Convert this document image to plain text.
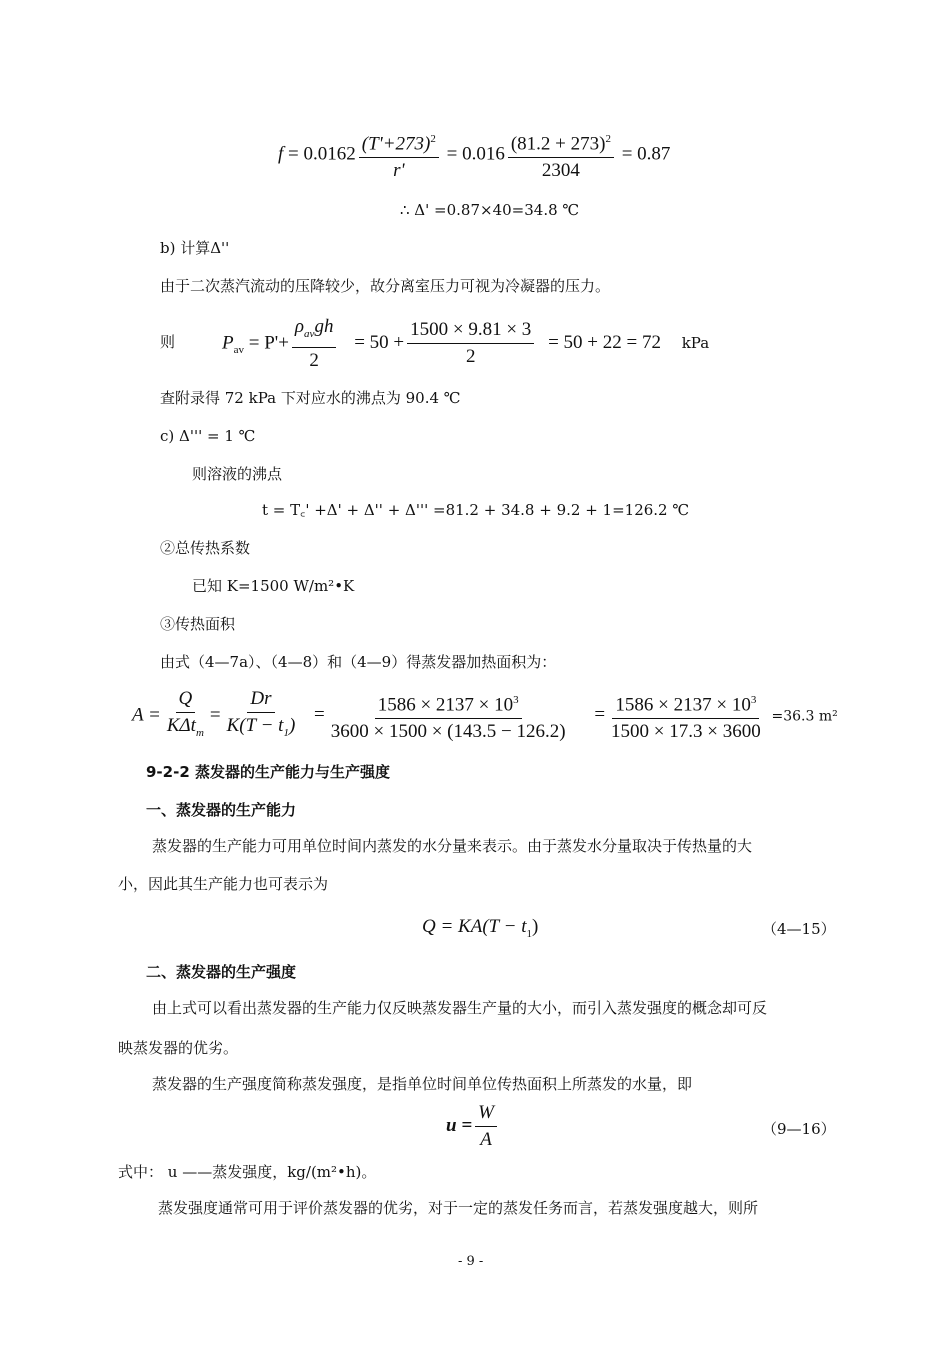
$f = 0.0162 \frac{(T'+273)^2}{r'} = 0.016 \frac{(81.2 + 273)^2}{2304} = 0.87$
∴ Δ' =0.87×40=34.8 ℃
b) 计算Δ''
由于二次蒸汽流动的压降较少，故分离室压力可视为冷凝器的压力。
则 $P_{av} = P'+ \frac{\rho_{av}gh}{2} = 50 + \frac{1500 \times 9.81 \times 3}{2} = 50 + 22 = 72$ kPa
查附录得 72 kPa 下对应水的沸点为 90.4 ℃
c) Δ''' = 1 ℃
则溶液的沸点
t = T꜀' +Δ' + Δ'' + Δ''' =81.2 + 34.8 + 9.2 + 1=126.2 ℃
②总传热系数
已知 K=1500 W/m²•K
③传热面积
由式（4—7a）、（4—8）和（4—9）得蒸发器加热面积为：
$A = \frac{Q}{K\Delta t_m} = \frac{Dr}{K(T - t_1)} = \frac{1586 \times 2137 \times 10^3}{3600 \times 1500 \times (143.5 - 126.2)} = \frac{1586 \times 2137 \times 10^3}{1500 \times 17.3 \times 3600} =36.3$ m²
9-2-2 蒸发器的生产能力与生产强度
一、蒸发器的生产能力
蒸发器的生产能力可用单位时间内蒸发的水分量来表示。由于蒸发水分量取决于传热量的大
小，因此其生产能力也可表示为
$Q = KA(T - t_1)$	（4—15）
二、蒸发器的生产强度
由上式可以看出蒸发器的生产能力仅反映蒸发器生产量的大小，而引入蒸发强度的概念却可反
映蒸发器的优劣。
蒸发器的生产强度简称蒸发强度，是指单位时间单位传热面积上所蒸发的水量，即
$u = \frac{W}{A}$	（9—16）
式中： u ——蒸发强度，kg/(m²•h)。
蒸发强度通常可用于评价蒸发器的优劣，对于一定的蒸发任务而言，若蒸发强度越大，则所
- 9 -
